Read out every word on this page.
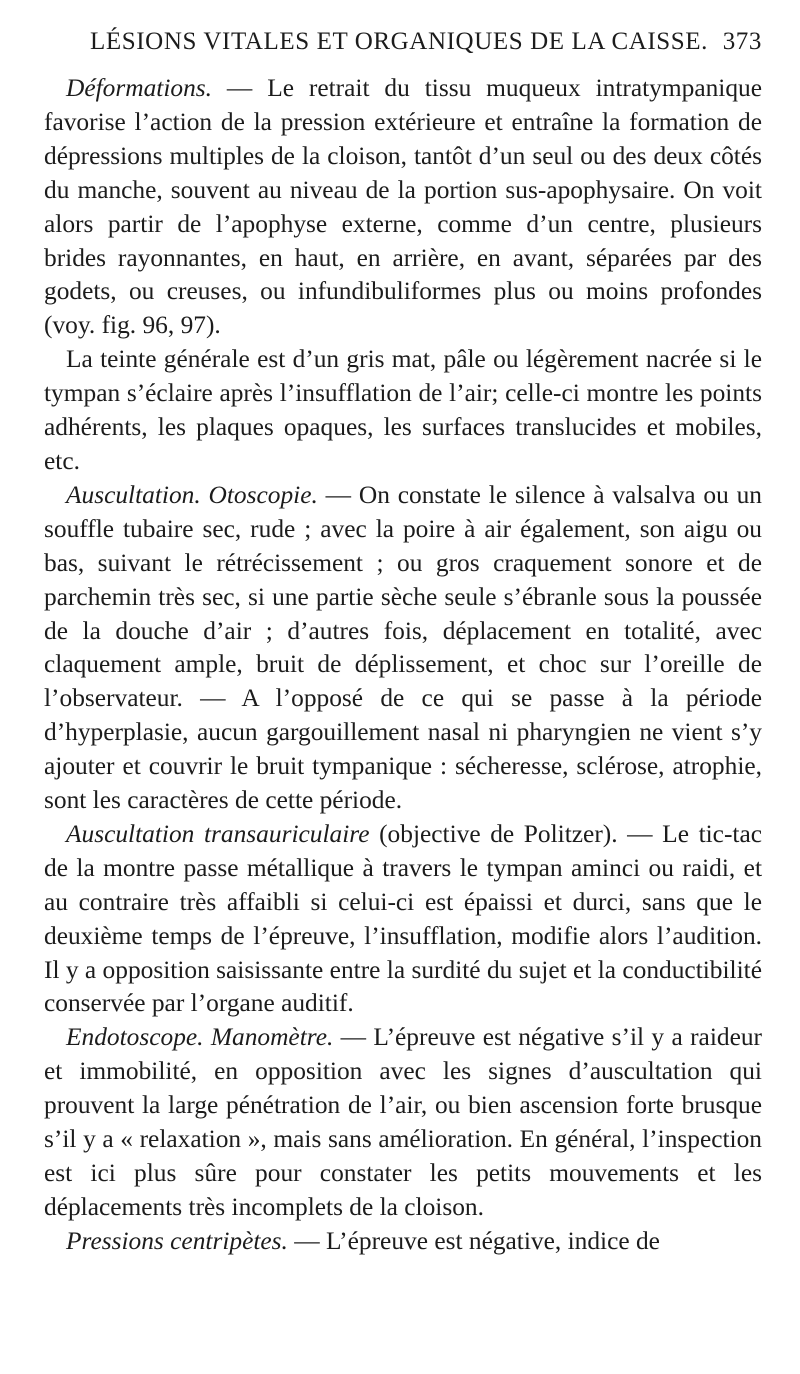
LÉSIONS VITALES ET ORGANIQUES DE LA CAISSE. 373

Déformations. — Le retrait du tissu muqueux intratympanique favorise l’action de la pression extérieure et entraîne la formation de dépressions multiples de la cloison, tantôt d’un seul ou des deux côtés du manche, souvent au niveau de la portion sus-apophysaire. On voit alors partir de l’apophyse externe, comme d’un centre, plusieurs brides rayonnantes, en haut, en arrière, en avant, séparées par des godets, ou creuses, ou infundibuliformes plus ou moins profondes (voy. fig. 96, 97).

La teinte générale est d’un gris mat, pâle ou légèrement nacrée si le tympan s’éclaire après l’insufflation de l’air; celle-ci montre les points adhérents, les plaques opaques, les surfaces translucides et mobiles, etc.

Auscultation. Otoscopie. — On constate le silence à valsalva ou un souffle tubaire sec, rude ; avec la poire à air également, son aigu ou bas, suivant le rétrécissement ; ou gros craquement sonore et de parchemin très sec, si une partie sèche seule s’ébranle sous la poussée de la douche d’air ; d’autres fois, déplacement en totalité, avec claquement ample, bruit de déplissement, et choc sur l’oreille de l’observateur. — A l’opposé de ce qui se passe à la période d’hyperplasie, aucun gargouillement nasal ni pharyngien ne vient s’y ajouter et couvrir le bruit tympanique : sécheresse, sclérose, atrophie, sont les caractères de cette période.

Auscultation transauriculaire (objective de Politzer). — Le tic-tac de la montre passe métallique à travers le tympan aminci ou raidi, et au contraire très affaibli si celui-ci est épaissi et durci, sans que le deuxième temps de l’épreuve, l’insufflation, modifie alors l’audition. Il y a opposition saisissante entre la surdité du sujet et la conductibilité conservée par l’organe auditif.

Endotoscope. Manomètre. — L’épreuve est négative s’il y a raideur et immobilité, en opposition avec les signes d’auscultation qui prouvent la large pénétration de l’air, ou bien ascension forte brusque s’il y a « relaxation », mais sans amélioration. En général, l’inspection est ici plus sûre pour constater les petits mouvements et les déplacements très incomplets de la cloison.

Pressions centripètes. — L’épreuve est négative, indice de
